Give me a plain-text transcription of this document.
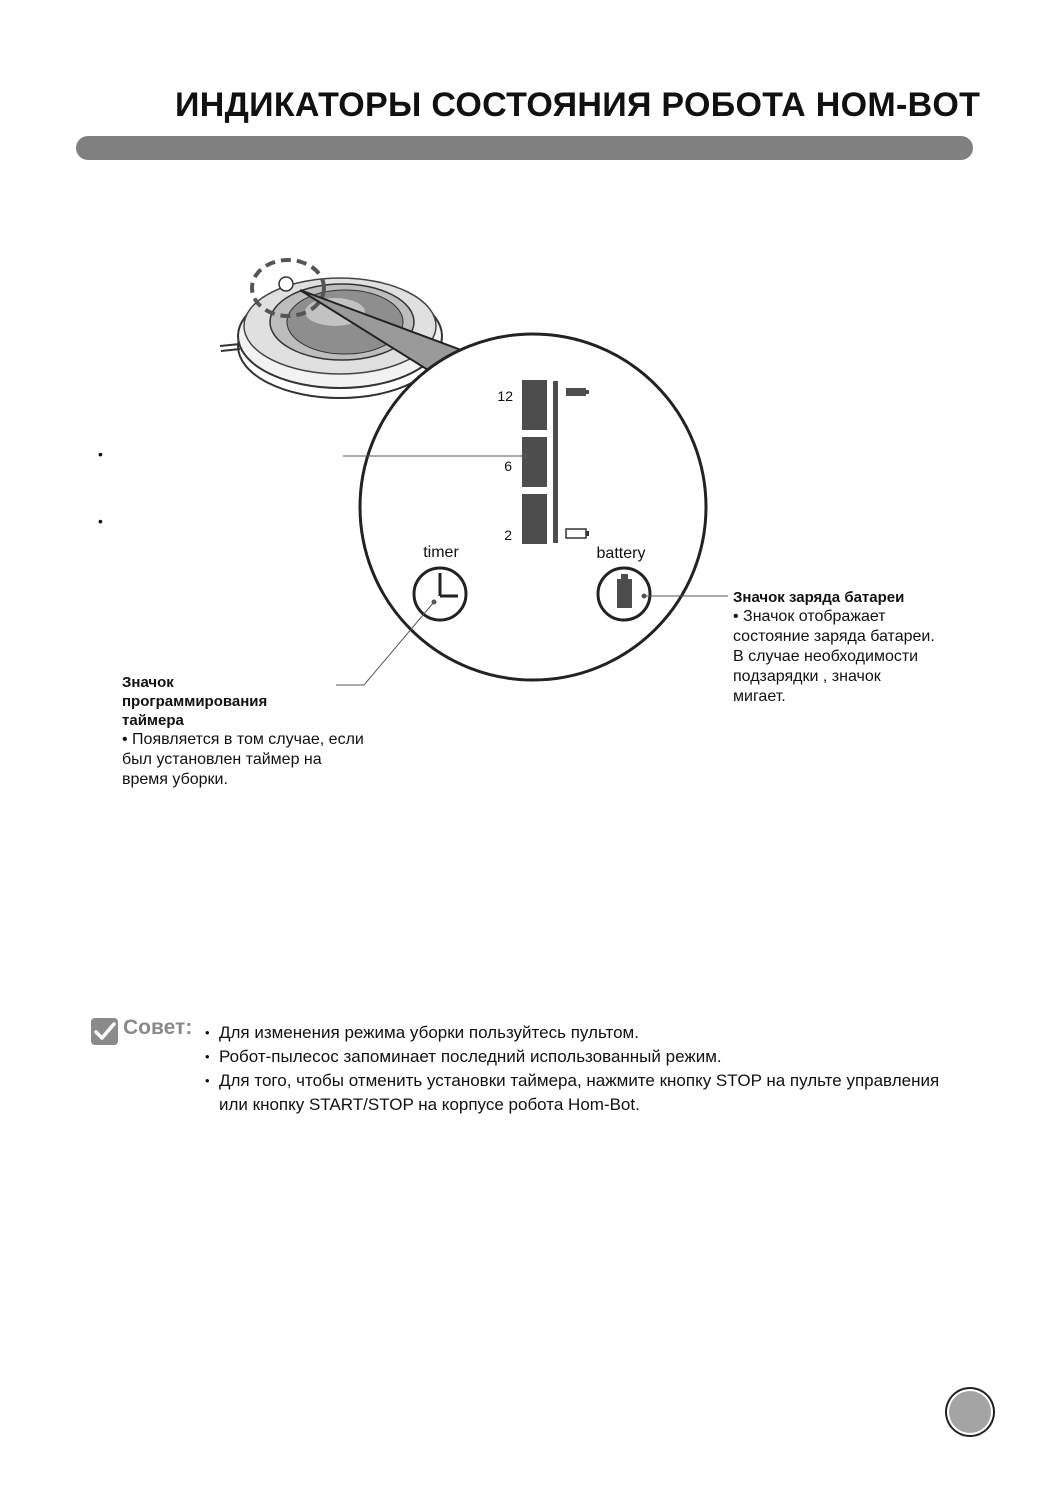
ИНДИКАТОРЫ СОСТОЯНИЯ РОБОТА HOM-BOT
12
6
2
timer	battery
•
•
Значок программирования таймера
• Появляется в том случае, если
был установлен таймер на
время уборки.
Значок заряда батареи
• Значок отображает
состояние заряда батареи.
В случае необходимости
подзарядки , значок
мигает.
Совет:	• Для изменения режима уборки пользуйтесь пультом.
• Робот-пылесос запоминает последний использованный режим.
• Для того, чтобы отменить установки таймера, нажмите кнопку STOP на пульте управления или кнопку START/STOP на корпусе робота Hom-Bot.
